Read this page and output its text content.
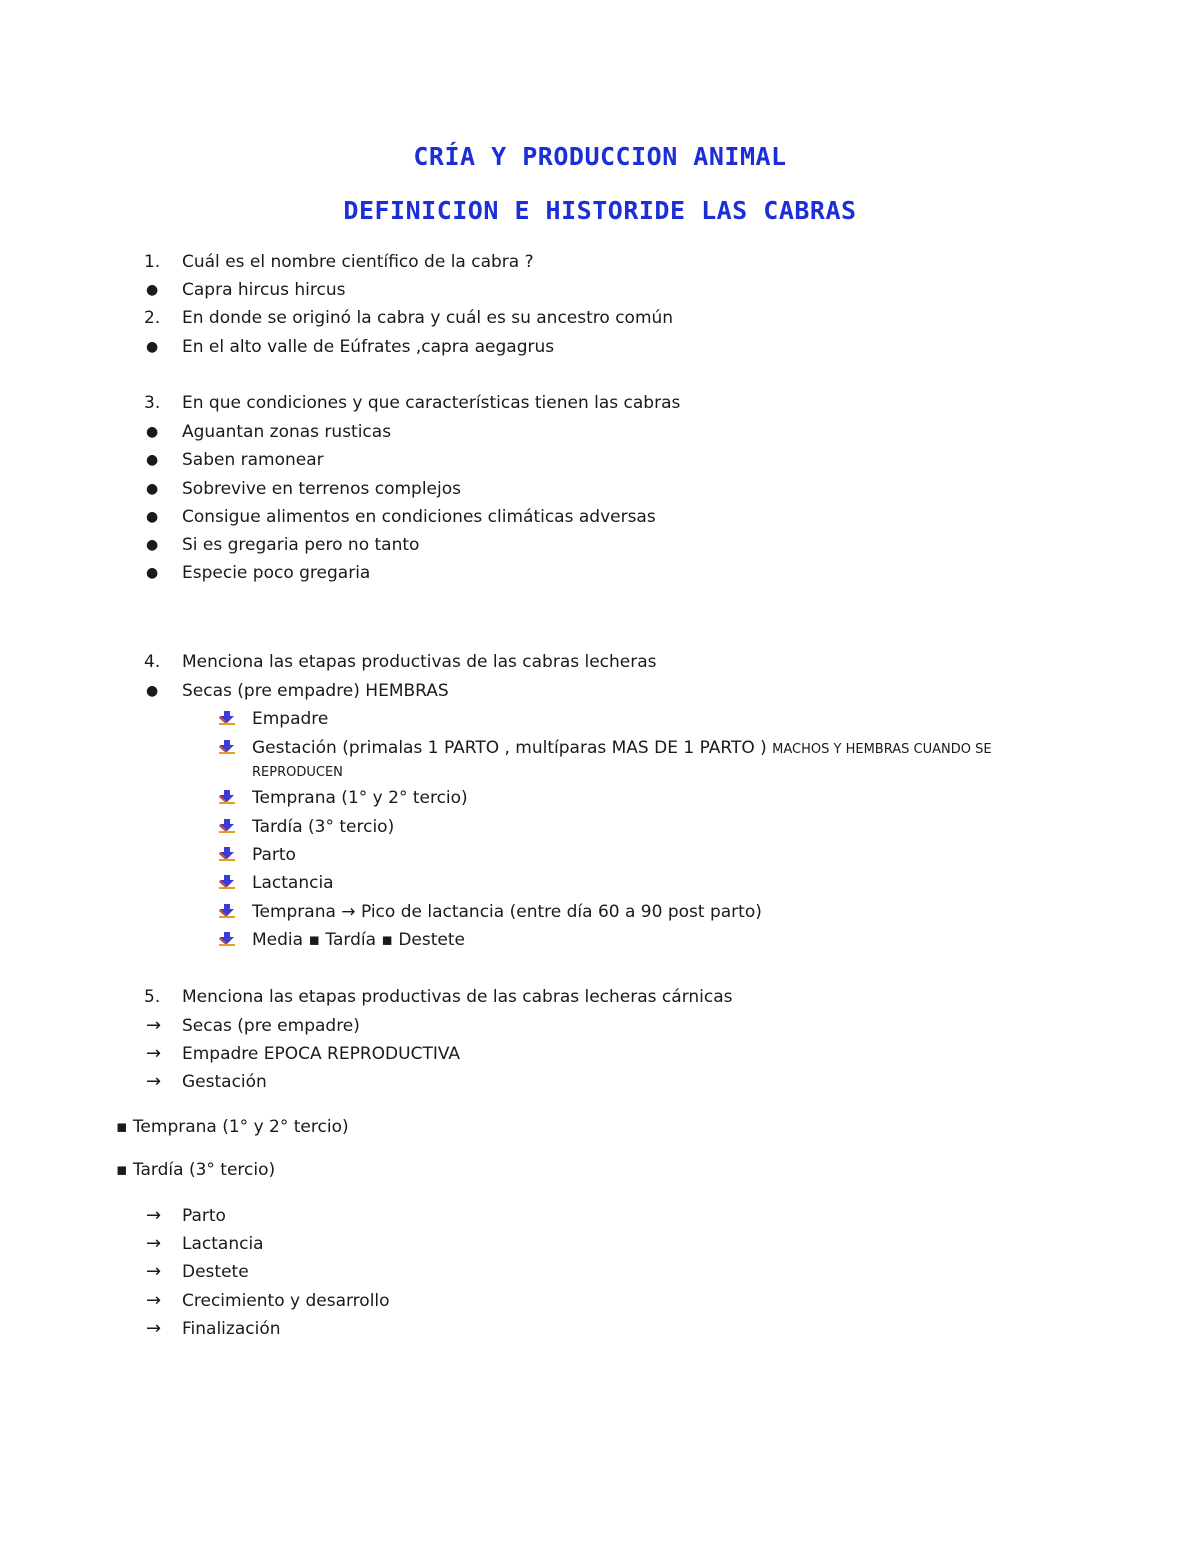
CRÍA Y PRODUCCION ANIMAL
DEFINICION E HISTORIDE LAS CABRAS
1. Cuál es el nombre científico de la cabra ?
● Capra hircus hircus
2. En donde se originó la cabra y cuál es su ancestro común
● En el alto valle de Eúfrates ,capra aegagrus
3. En que condiciones y que características tienen las cabras
● Aguantan zonas rusticas
● Saben ramonear
● Sobrevive en terrenos complejos
● Consigue alimentos en condiciones climáticas adversas
● Si es gregaria pero no tanto
● Especie poco gregaria
4. Menciona las etapas productivas de las cabras lecheras
● Secas (pre empadre) HEMBRAS
Empadre
Gestación (primalas 1 PARTO , multíparas MAS DE 1 PARTO ) MACHOS Y HEMBRAS CUANDO SE
REPRODUCEN
Temprana (1° y 2° tercio)
Tardía (3° tercio)
Parto
Lactancia
Temprana → Pico de lactancia (entre día 60 a 90 post parto)
Media ▪ Tardía ▪ Destete
5. Menciona las etapas productivas de las cabras lecheras cárnicas
→ Secas (pre empadre)
→ Empadre EPOCA REPRODUCTIVA
→ Gestación
▪ Temprana (1° y 2° tercio)
▪ Tardía (3° tercio)
→ Parto
→ Lactancia
→ Destete
→ Crecimiento y desarrollo
→ Finalización
